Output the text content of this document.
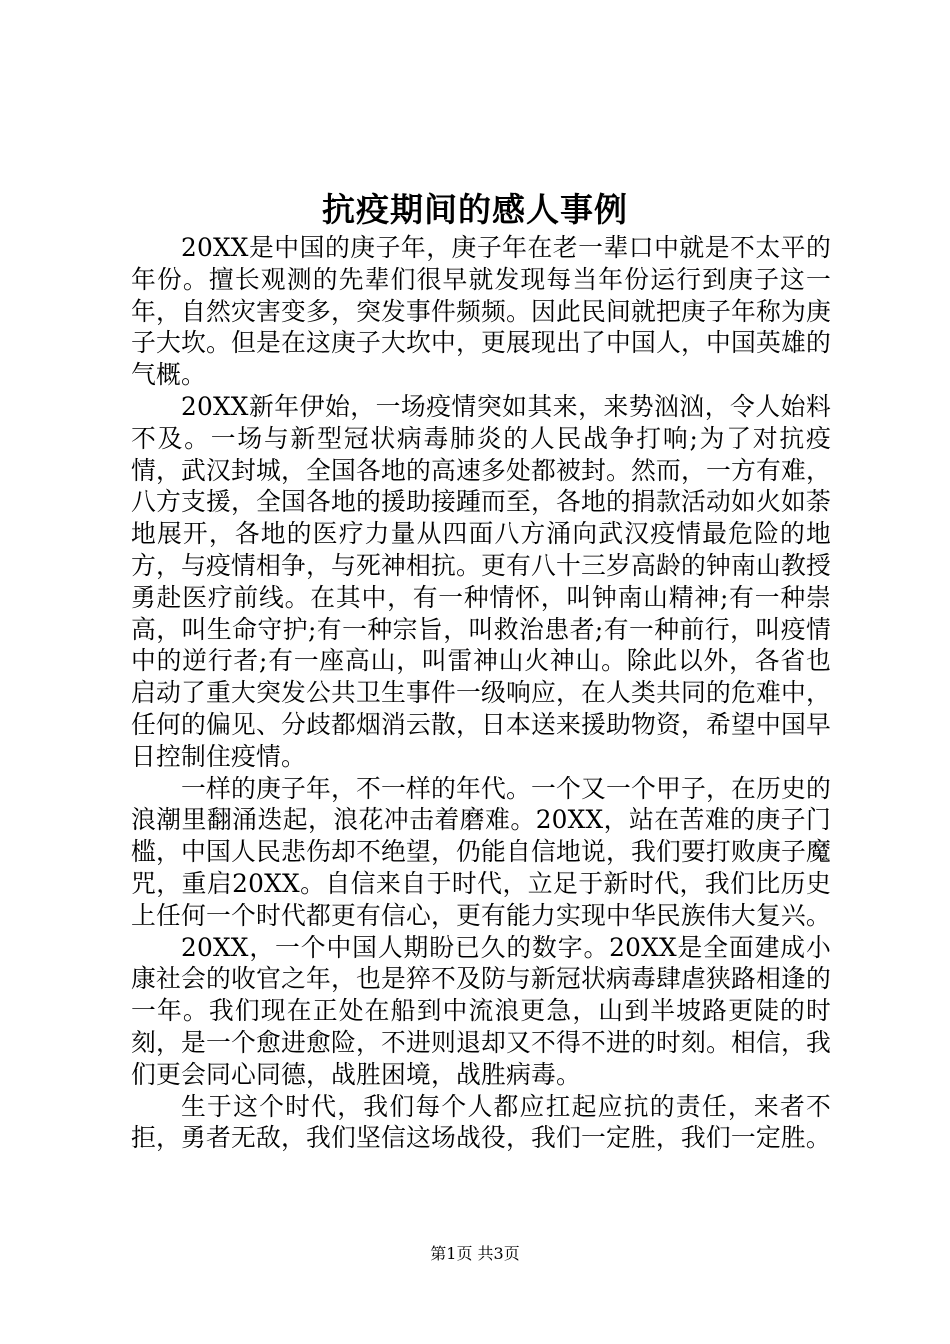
抗疫期间的感人事例

20XX是中国的庚子年，庚子年在老一辈口中就是不太平的年份。擅长观测的先辈们很早就发现每当年份运行到庚子这一年，自然灾害变多，突发事件频频。因此民间就把庚子年称为庚子大坎。但是在这庚子大坎中，更展现出了中国人，中国英雄的气概。

20XX新年伊始，一场疫情突如其来，来势汹汹，令人始料不及。一场与新型冠状病毒肺炎的人民战争打响;为了对抗疫情，武汉封城，全国各地的高速多处都被封。然而，一方有难，八方支援，全国各地的援助接踵而至，各地的捐款活动如火如荼地展开，各地的医疗力量从四面八方涌向武汉疫情最危险的地方，与疫情相争，与死神相抗。更有八十三岁高龄的钟南山教授勇赴医疗前线。在其中，有一种情怀，叫钟南山精神;有一种崇高，叫生命守护;有一种宗旨，叫救治患者;有一种前行，叫疫情中的逆行者;有一座高山，叫雷神山火神山。除此以外，各省也启动了重大突发公共卫生事件一级响应，在人类共同的危难中，任何的偏见、分歧都烟消云散，日本送来援助物资，希望中国早日控制住疫情。

一样的庚子年，不一样的年代。一个又一个甲子，在历史的浪潮里翻涌迭起，浪花冲击着磨难。20XX，站在苦难的庚子门槛，中国人民悲伤却不绝望，仍能自信地说，我们要打败庚子魔咒，重启20XX。自信来自于时代，立足于新时代，我们比历史上任何一个时代都更有信心，更有能力实现中华民族伟大复兴。

20XX，一个中国人期盼已久的数字。20XX是全面建成小康社会的收官之年，也是猝不及防与新冠状病毒肆虐狭路相逢的一年。我们现在正处在船到中流浪更急，山到半坡路更陡的时刻，是一个愈进愈险，不进则退却又不得不进的时刻。相信，我们更会同心同德，战胜困境，战胜病毒。

生于这个时代，我们每个人都应扛起应抗的责任，来者不拒，勇者无敌，我们坚信这场战役，我们一定胜，我们一定胜。

第1页 共3页
